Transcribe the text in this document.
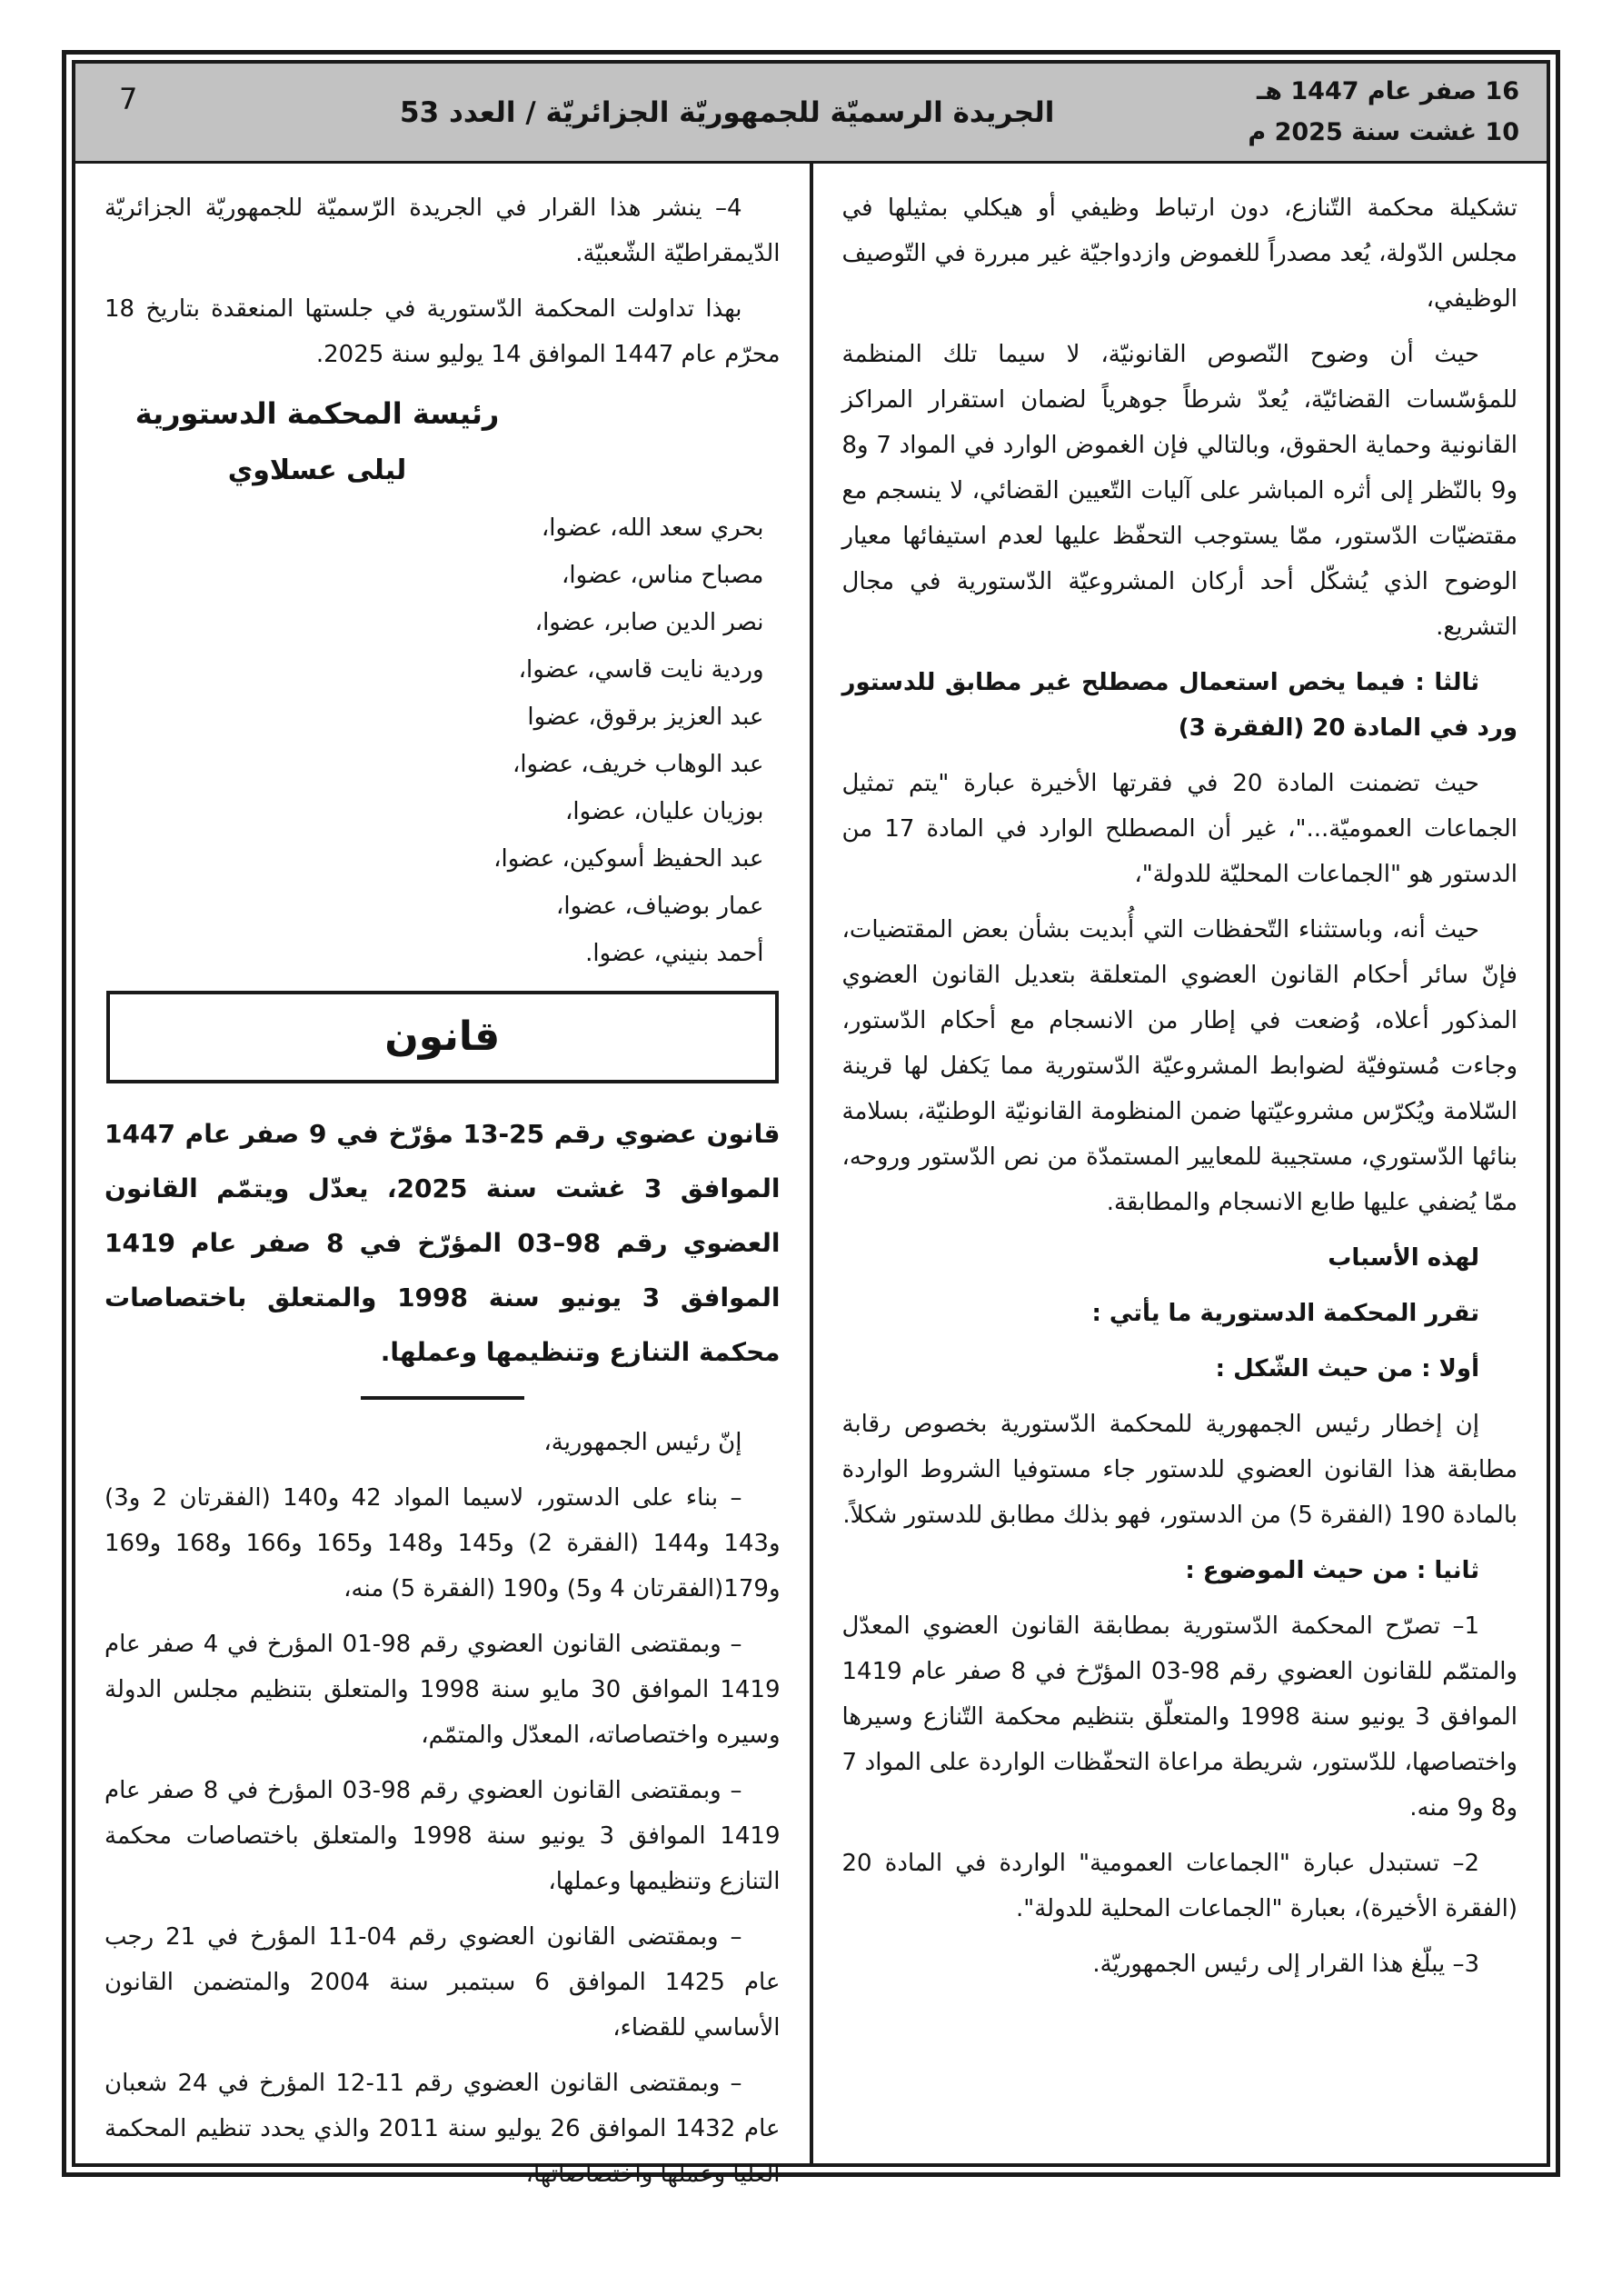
16 صفر عام 1447 هـ
10 غشت سنة 2025 م
الجريدة الرسميّة للجمهوريّة الجزائريّة / العدد 53
7

تشكيلة محكمة التّنازع، دون ارتباط وظيفي أو هيكلي بمثيلها في مجلس الدّولة، يُعد مصدراً للغموض وازدواجيّة غير مبررة في التّوصيف الوظيفي،

حيث أن وضوح النّصوص القانونيّة، لا سيما تلك المنظمة للمؤسّسات القضائيّة، يُعدّ شرطاً جوهرياً لضمان استقرار المراكز القانونية وحماية الحقوق، وبالتالي فإن الغموض الوارد في المواد 7 و8 و9 بالنّظر إلى أثره المباشر على آليات التّعيين القضائي، لا ينسجم مع مقتضيّات الدّستور، ممّا يستوجب التحفّظ عليها لعدم استيفائها معيار الوضوح الذي يُشكّل أحد أركان المشروعيّة الدّستورية في مجال التشريع.

ثالثا : فيما يخص استعمال مصطلح غير مطابق للدستور ورد في المادة 20 (الفقرة 3)

حيث تضمنت المادة 20 في فقرتها الأخيرة عبارة "يتم تمثيل الجماعات العموميّة..."، غير أن المصطلح الوارد في المادة 17 من الدستور هو "الجماعات المحليّة للدولة"،

حيث أنه، وباستثناء التّحفظات التي أُبديت بشأن بعض المقتضيات، فإنّ سائر أحكام القانون العضوي المتعلقة بتعديل القانون العضوي المذكور أعلاه، وُضعت في إطار من الانسجام مع أحكام الدّستور، وجاءت مُستوفيّة لضوابط المشروعيّة الدّستورية مما يَكفل لها قرينة السّلامة ويُكرّس مشروعيّتها ضمن المنظومة القانونيّة الوطنيّة، بسلامة بنائها الدّستوري، مستجيبة للمعايير المستمدّة من نص الدّستور وروحه، ممّا يُضفي عليها طابع الانسجام والمطابقة.

لهذه الأسباب

تقرر المحكمة الدستورية ما يأتي :

أولا : من حيث الشّكل :

إن إخطار رئيس الجمهورية للمحكمة الدّستورية بخصوص رقابة مطابقة هذا القانون العضوي للدستور جاء مستوفيا الشروط الواردة بالمادة 190 (الفقرة 5) من الدستور، فهو بذلك مطابق للدستور شكلاً.

ثانيا : من حيث الموضوع :

1– تصرّح المحكمة الدّستورية بمطابقة القانون العضوي المعدّل والمتمّم للقانون العضوي رقم 98-03 المؤرّخ في 8 صفر عام 1419 الموافق 3 يونيو سنة 1998 والمتعلّق بتنظيم محكمة التّنازع وسيرها واختصاصها، للدّستور، شريطة مراعاة التحفّظات الواردة على المواد 7 و8 و9 منه.

2– تستبدل عبارة "الجماعات العمومية" الواردة في المادة 20 (الفقرة الأخيرة)، بعبارة "الجماعات المحلية للدولة".

3– يبلّغ هذا القرار إلى رئيس الجمهوريّة.

4– ينشر هذا القرار في الجريدة الرّسميّة للجمهوريّة الجزائريّة الدّيمقراطيّة الشّعبيّة.

بهذا تداولت المحكمة الدّستورية في جلستها المنعقدة بتاريخ 18 محرّم عام 1447 الموافق 14 يوليو سنة 2025.

رئيسة المحكمة الدستورية
ليلى عسلاوي

بحري سعد الله، عضوا،

مصباح مناس، عضوا،

نصر الدين صابر، عضوا،

وردية نايت قاسي، عضوا،

عبد العزيز برقوق، عضوا

عبد الوهاب خريف، عضوا،

بوزيان عليان، عضوا،

عبد الحفيظ أسوكين، عضوا،

عمار بوضياف، عضوا،

أحمد بنيني، عضوا.

قانون

قانون عضوي رقم 25-13 مؤرّخ في 9 صفر عام 1447 الموافق 3 غشت سنة 2025، يعدّل ويتمّم القانون العضوي رقم 98–03 المؤرّخ في 8 صفر عام 1419 الموافق 3 يونيو سنة 1998 والمتعلق باختصاصات محكمة التنازع وتنظيمها وعملها.

إنّ رئيس الجمهورية،

– بناء على الدستور، لاسيما المواد 42 و140 (الفقرتان 2 و3) و143 و144 (الفقرة 2) و145 و148 و165 و166 و168 و169 و179(الفقرتان 4 و5) و190 (الفقرة 5) منه،

– وبمقتضى القانون العضوي رقم 98-01 المؤرخ في 4 صفر عام 1419 الموافق 30 مايو سنة 1998 والمتعلق بتنظيم مجلس الدولة وسيره واختصاصاته، المعدّل والمتمّم،

– وبمقتضى القانون العضوي رقم 98-03 المؤرخ في 8 صفر عام 1419 الموافق 3 يونيو سنة 1998 والمتعلق باختصاصات محكمة التنازع وتنظيمها وعملها،

– وبمقتضى القانون العضوي رقم 04-11 المؤرخ في 21 رجب عام 1425 الموافق 6 سبتمبر سنة 2004 والمتضمن القانون الأساسي للقضاء،

– وبمقتضى القانون العضوي رقم 11-12 المؤرخ في 24 شعبان عام 1432 الموافق 26 يوليو سنة 2011 والذي يحدد تنظيم المحكمة العليا وعملها واختصاصاتها،
